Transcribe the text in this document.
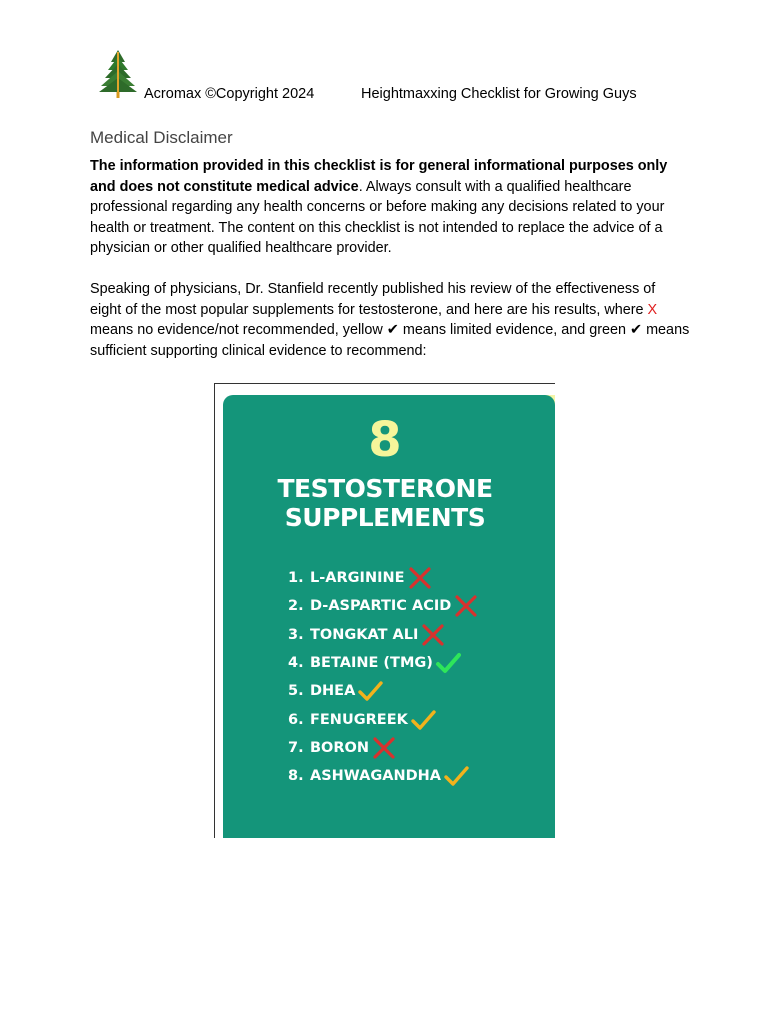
Acromax ©Copyright 2024	Heightmaxxing Checklist for Growing Guys
Medical Disclaimer
The information provided in this checklist is for general informational purposes only and does not constitute medical advice. Always consult with a qualified healthcare professional regarding any health concerns or before making any decisions related to your health or treatment. The content on this checklist is not intended to replace the advice of a physician or other qualified healthcare provider.
Speaking of physicians, Dr. Stanfield recently published his review of the effectiveness of eight of the most popular supplements for testosterone, and here are his results, where X means no evidence/not recommended, yellow ✔ means limited evidence, and green ✔ means sufficient supporting clinical evidence to recommend:
8
TESTOSTERONE
SUPPLEMENTS
1. L-ARGININE
2. D-ASPARTIC ACID
3. TONGKAT ALI
4. BETAINE (TMG)
5. DHEA
6. FENUGREEK
7. BORON
8. ASHWAGANDHA
